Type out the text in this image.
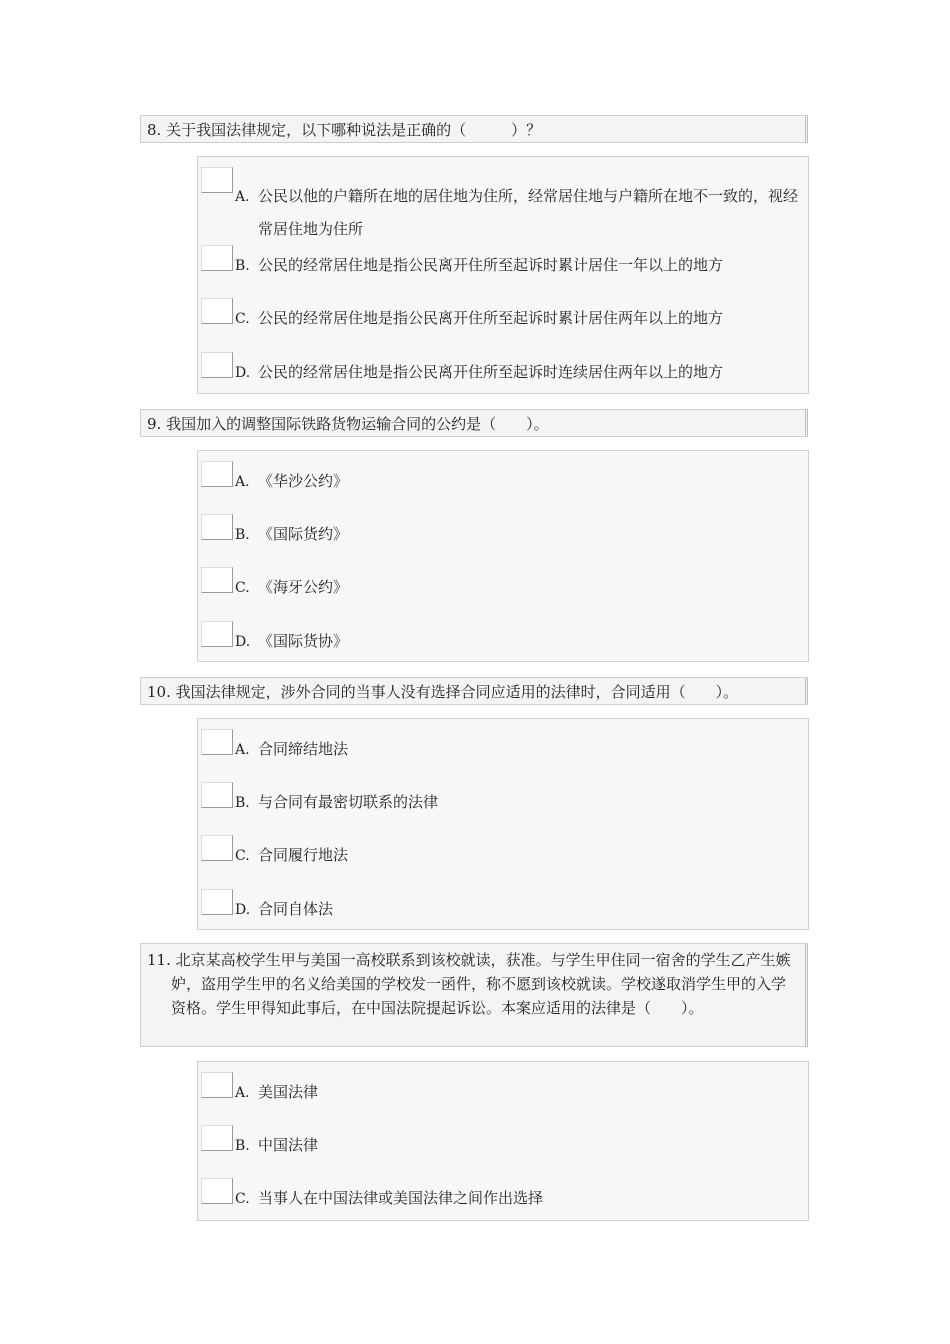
8. 关于我国法律规定，以下哪种说法是正确的（　　　）？
A. 公民以他的户籍所在地的居住地为住所，经常居住地与户籍所在地不一致的，视经常居住地为住所
B. 公民的经常居住地是指公民离开住所至起诉时累计居住一年以上的地方
C. 公民的经常居住地是指公民离开住所至起诉时累计居住两年以上的地方
D. 公民的经常居住地是指公民离开住所至起诉时连续居住两年以上的地方
9. 我国加入的调整国际铁路货物运输合同的公约是（　　）。
A. 《华沙公约》
B. 《国际货约》
C. 《海牙公约》
D. 《国际货协》
10. 我国法律规定，涉外合同的当事人没有选择合同应适用的法律时，合同适用（　　）。
A. 合同缔结地法
B. 与合同有最密切联系的法律
C. 合同履行地法
D. 合同自体法
11. 北京某高校学生甲与美国一高校联系到该校就读，获准。与学生甲住同一宿舍的学生乙产生嫉妒，盗用学生甲的名义给美国的学校发一函件，称不愿到该校就读。学校遂取消学生甲的入学资格。学生甲得知此事后，在中国法院提起诉讼。本案应适用的法律是（　　）。
A. 美国法律
B. 中国法律
C. 当事人在中国法律或美国法律之间作出选择
